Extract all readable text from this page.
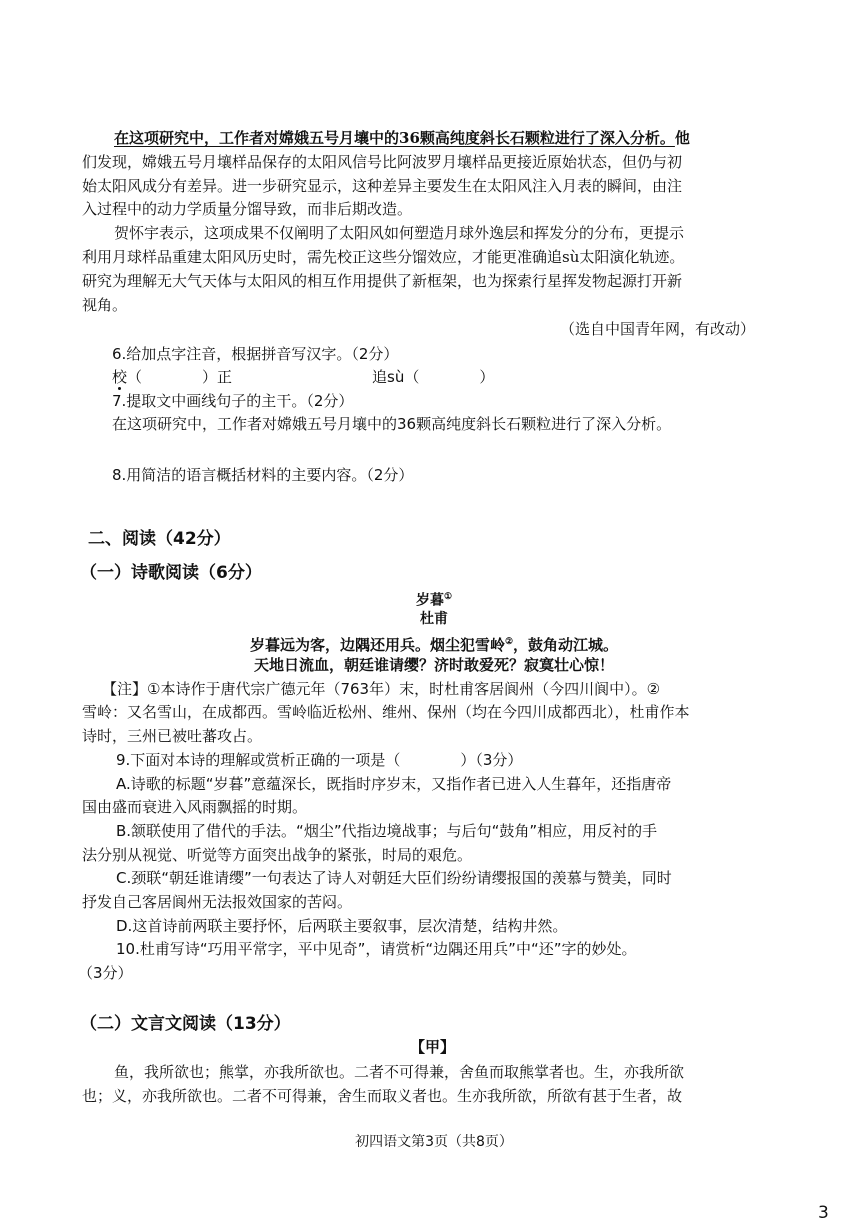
在这项研究中，工作者对嫦娥五号月壤中的36颗高纯度斜长石颗粒进行了深入分析。他
们发现，嫦娥五号月壤样品保存的太阳风信号比阿波罗月壤样品更接近原始状态，但仍与初
始太阳风成分有差异。进一步研究显示，这种差异主要发生在太阳风注入月表的瞬间，由注
入过程中的动力学质量分馏导致，而非后期改造。
贺怀宇表示，这项成果不仅阐明了太阳风如何塑造月球外逸层和挥发分的分布，更提示
利用月球样品重建太阳风历史时，需先校正这些分馏效应，才能更准确追sù太阳演化轨迹。
研究为理解无大气天体与太阳风的相互作用提供了新框架，也为探索行星挥发物起源打开新
视角。
（选自中国青年网，有改动）
6.给加点字注音，根据拼音写汉字。（2分）
校（　　　　）正	追sù（　　　　）
7.提取文中画线句子的主干。（2分）
在这项研究中，工作者对嫦娥五号月壤中的36颗高纯度斜长石颗粒进行了深入分析。
8.用简洁的语言概括材料的主要内容。（2分）
二、阅读（42分）
（一）诗歌阅读（6分）
岁暮①
杜甫
岁暮远为客，边隅还用兵。烟尘犯雪岭②，鼓角动江城。
天地日流血，朝廷谁请缨？济时敢爱死？寂寞壮心惊！
【注】①本诗作于唐代宗广德元年（763年）末，时杜甫客居阆州（今四川阆中）。②
雪岭：又名雪山，在成都西。雪岭临近松州、维州、保州（均在今四川成都西北），杜甫作本
诗时，三州已被吐蕃攻占。
9.下面对本诗的理解或赏析正确的一项是（　　　　）（3分）
A.诗歌的标题“岁暮”意蕴深长，既指时序岁末，又指作者已进入人生暮年，还指唐帝
国由盛而衰进入风雨飘摇的时期。
B.颔联使用了借代的手法。“烟尘”代指边境战事；与后句“鼓角”相应，用反衬的手
法分别从视觉、听觉等方面突出战争的紧张，时局的艰危。
C.颈联“朝廷谁请缨”一句表达了诗人对朝廷大臣们纷纷请缨报国的羡慕与赞美，同时
抒发自己客居阆州无法报效国家的苦闷。
D.这首诗前两联主要抒怀，后两联主要叙事，层次清楚，结构井然。
10.杜甫写诗“巧用平常字，平中见奇”，请赏析“边隅还用兵”中“还”字的妙处。
（3分）
（二）文言文阅读（13分）
【甲】
鱼，我所欲也；熊掌，亦我所欲也。二者不可得兼，舍鱼而取熊掌者也。生，亦我所欲
也；义，亦我所欲也。二者不可得兼，舍生而取义者也。生亦我所欲，所欲有甚于生者，故
初四语文第3页（共8页）
3
